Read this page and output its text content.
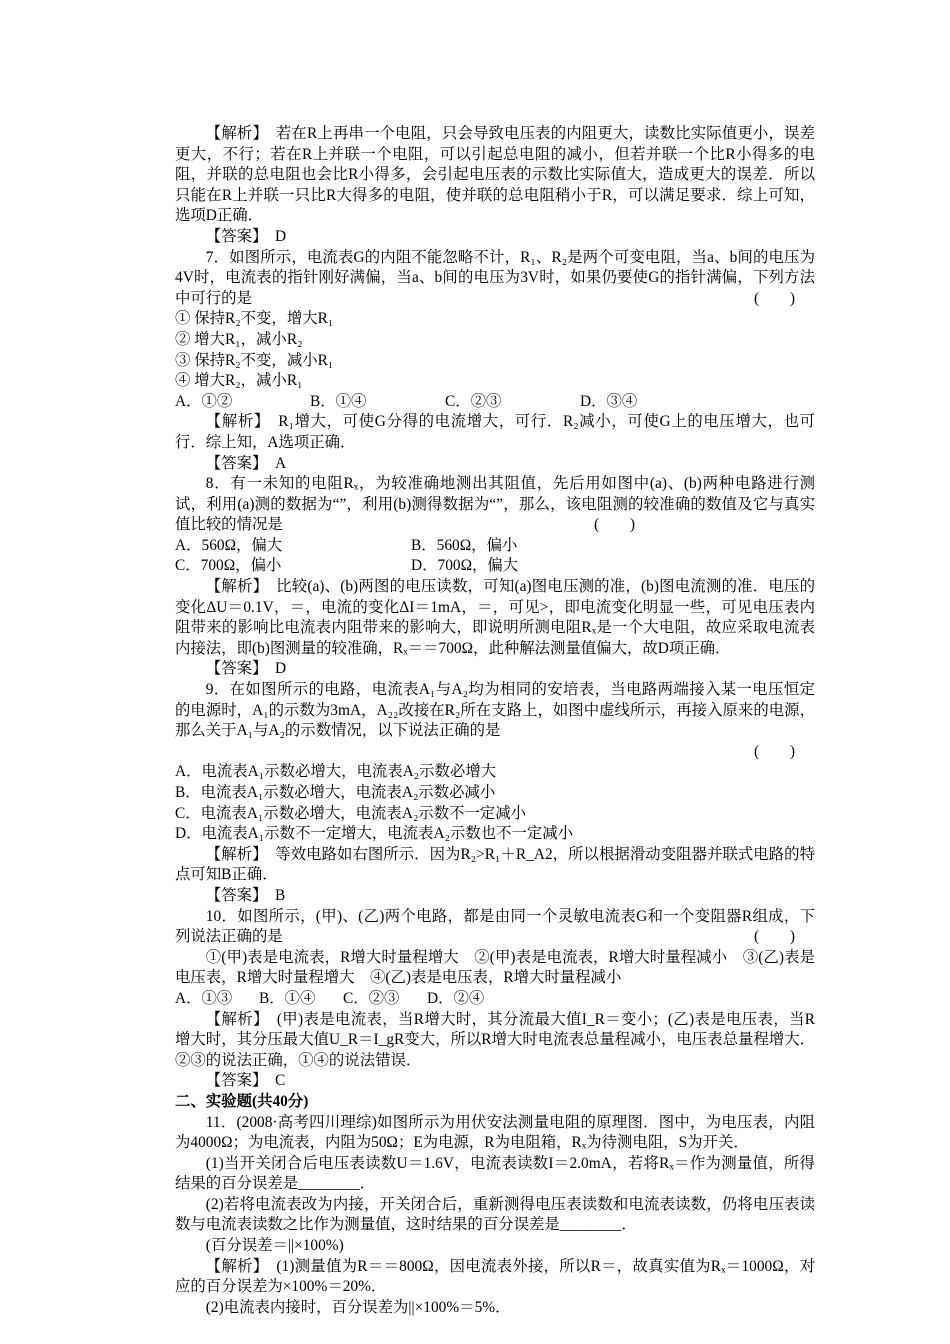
【解析】　若在R上再串一个电阻，只会导致电压表的内阻更大，读数比实际值更小，误差更大，不行；若在R上并联一个电阻，可以引起总电阻的减小，但若并联一个比R小得多的电阻，并联的总电阻也会比R小得多，会引起电压表的示数比实际值大，造成更大的误差．所以只能在R上并联一只比R大得多的电阻，使并联的总电阻稍小于R，可以满足要求．综上可知，选项D正确．

【答案】　D

7．如图所示，电流表G的内阻不能忽略不计，R₁、R₂是两个可变电阻，当a、b间的电压为4V时，电流表的指针刚好满偏，当a、b间的电压为3V时，如果仍要使G的指针满偏，下列方法中可行的是	(　　)

① 保持R₂不变，增大R₁

② 增大R₁，减小R₂

③ 保持R₂不变，减小R₁

④ 增大R₂，减小R₁

A．①②	B．①④	C．②③	D．③④

【解析】　R₁增大，可使G分得的电流增大，可行．R₂减小，可使G上的电压增大，也可行．综上知，A选项正确．

【答案】　A

8．有一未知的电阻Rₓ，为较准确地测出其阻值，先后用如图中(a)、(b)两种电路进行测试，利用(a)测的数据为“”，利用(b)测得数据为“”，那么，该电阻测的较准确的数值及它与真实值比较的情况是	(　　)

A．560Ω，偏大	B．560Ω，偏小
C．700Ω，偏小	D．700Ω，偏大

【解析】　比较(a)、(b)两图的电压读数，可知(a)图电压测的准，(b)图电流测的准．电压的变化ΔU＝0.1V，＝，电流的变化ΔI＝1mA，＝，可见>，即电流变化明显一些，可见电压表内阻带来的影响比电流表内阻带来的影响大，即说明所测电阻Rₓ是一个大电阻，故应采取电流表内接法，即(b)图测量的较准确，Rₓ＝＝700Ω，此种解法测量值偏大，故D项正确．

【答案】　D

9．在如图所示的电路，电流表A₁与A₂均为相同的安培表，当电路两端接入某一电压恒定的电源时，A₁的示数为3mA，A₂₂改接在R₂所在支路上，如图中虚线所示，再接入原来的电源，那么关于A₁与A₂的示数情况，以下说法正确的是

(　　)

A．电流表A₁示数必增大，电流表A₂示数必增大

B．电流表A₁示数必增大，电流表A₂示数必减小

C．电流表A₁示数必增大，电流表A₂示数不一定减小

D．电流表A₁示数不一定增大，电流表A₂示数也不一定减小

【解析】　等效电路如右图所示．因为R₂>R₁＋R_A2，所以根据滑动变阻器并联式电路的特点可知B正确．

【答案】　B

10．如图所示，(甲)、(乙)两个电路，都是由同一个灵敏电流表G和一个变阻器R组成，下列说法正确的是	(　　)

①(甲)表是电流表，R增大时量程增大　②(甲)表是电流表，R增大时量程减小　③(乙)表是电压表，R增大时量程增大　④(乙)表是电压表，R增大时量程减小

A．①③	B．①④	C．②③	D．②④

【解析】　(甲)表是电流表，当R增大时，其分流最大值I_R＝变小；(乙)表是电压表，当R增大时，其分压最大值U_R＝I_gR变大，所以R增大时电流表总量程减小，电压表总量程增大．②③的说法正确，①④的说法错误．

【答案】　C

二、实验题(共40分)

11．(2008·高考四川理综)如图所示为用伏安法测量电阻的原理图．图中，为电压表，内阻为4000Ω；为电流表，内阻为50Ω；E为电源，R为电阻箱，Rₓ为待测电阻，S为开关．

(1)当开关闭合后电压表读数U＝1.6V，电流表读数I＝2.0mA，若将Rₓ＝作为测量值，所得结果的百分误差是________．

(2)若将电流表改为内接，开关闭合后，重新测得电压表读数和电流表读数，仍将电压表读数与电流表读数之比作为测量值，这时结果的百分误差是________．

(百分误差＝||×100%)

【解析】　(1)测量值为R＝＝800Ω，因电流表外接，所以R＝，故真实值为Rₓ＝1000Ω，对应的百分误差为×100%＝20%．

(2)电流表内接时，百分误差为||×100%＝5%．
